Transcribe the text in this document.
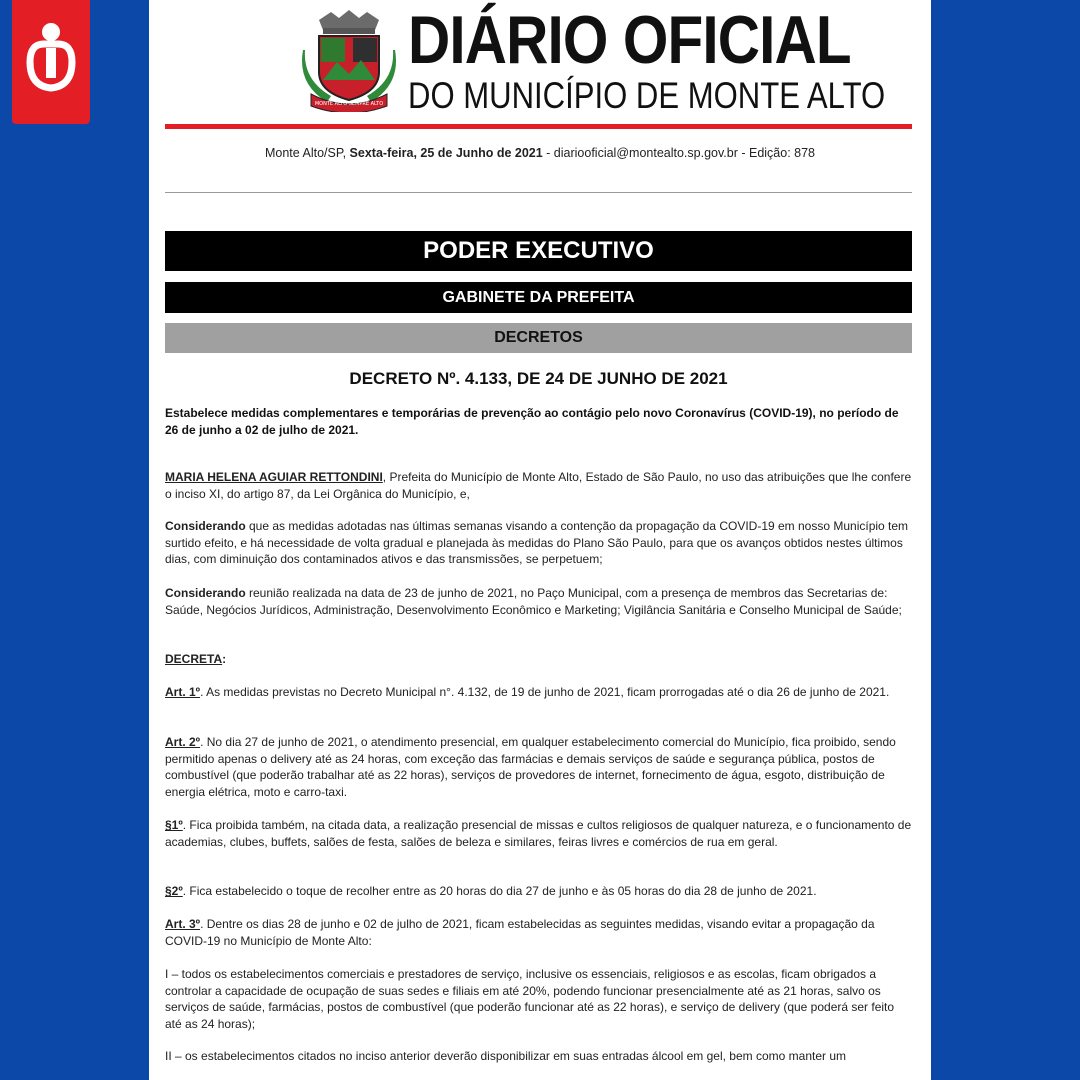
MONTE ALTO SEMPRE ALTO
DIÁRIO OFICIAL
DO MUNICÍPIO DE MONTE ALTO
Monte Alto/SP, Sexta-feira, 25 de Junho de 2021 - diariooficial@montealto.sp.gov.br - Edição: 878
PODER EXECUTIVO
GABINETE DA PREFEITA
DECRETOS
DECRETO Nº. 4.133, DE 24 DE JUNHO DE 2021
Estabelece medidas complementares e temporárias de prevenção ao contágio pelo novo Coronavírus (COVID-19), no período de 26 de junho a 02 de julho de 2021.
MARIA HELENA AGUIAR RETTONDINI, Prefeita do Município de Monte Alto, Estado de São Paulo, no uso das atribuições que lhe confere o inciso XI, do artigo 87, da Lei Orgânica do Município, e,
Considerando que as medidas adotadas nas últimas semanas visando a contenção da propagação da COVID-19 em nosso Município tem surtido efeito, e há necessidade de volta gradual e planejada às medidas do Plano São Paulo, para que os avanços obtidos nestes últimos dias, com diminuição dos contaminados ativos e das transmissões, se perpetuem;
Considerando reunião realizada na data de 23 de junho de 2021, no Paço Municipal, com a presença de membros das Secretarias de: Saúde, Negócios Jurídicos, Administração, Desenvolvimento Econômico e Marketing; Vigilância Sanitária e Conselho Municipal de Saúde;
DECRETA:
Art. 1º. As medidas previstas no Decreto Municipal n°. 4.132, de 19 de junho de 2021, ficam prorrogadas até o dia 26 de junho de 2021.
Art. 2º. No dia 27 de junho de 2021, o atendimento presencial, em qualquer estabelecimento comercial do Município, fica proibido, sendo permitido apenas o delivery até as 24 horas, com exceção das farmácias e demais serviços de saúde e segurança pública, postos de combustível (que poderão trabalhar até as 22 horas), serviços de provedores de internet, fornecimento de água, esgoto, distribuição de energia elétrica, moto e carro-taxi.
§1º. Fica proibida também, na citada data, a realização presencial de missas e cultos religiosos de qualquer natureza, e o funcionamento de academias, clubes, buffets, salões de festa, salões de beleza e similares, feiras livres e comércios de rua em geral.
§2º. Fica estabelecido o toque de recolher entre as 20 horas do dia 27 de junho e às 05 horas do dia 28 de junho de 2021.
Art. 3º. Dentre os dias 28 de junho e 02 de julho de 2021, ficam estabelecidas as seguintes medidas, visando evitar a propagação da COVID-19 no Município de Monte Alto:
I – todos os estabelecimentos comerciais e prestadores de serviço, inclusive os essenciais, religiosos e as escolas, ficam obrigados a controlar a capacidade de ocupação de suas sedes e filiais em até 20%, podendo funcionar presencialmente até as 21 horas, salvo os serviços de saúde, farmácias, postos de combustível (que poderão funcionar até as 22 horas), e serviço de delivery (que poderá ser feito até as 24 horas);
II – os estabelecimentos citados no inciso anterior deverão disponibilizar em suas entradas álcool em gel, bem como manter um
